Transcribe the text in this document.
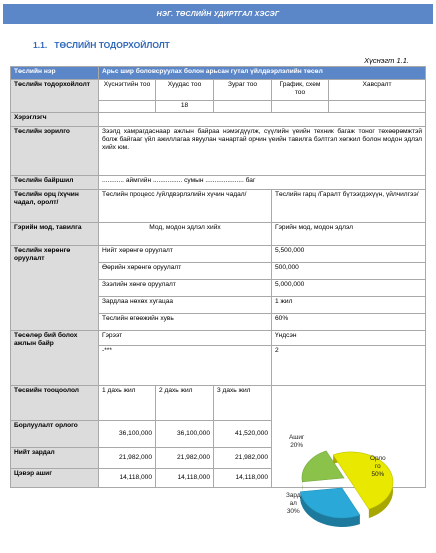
НЭГ. ТӨСЛИЙН УДИРТГАЛ ХЭСЭГ
1.1. ТӨСЛИЙН ТОДОРХОЙЛОЛТ
Хүснэгт 1.1.
Төслийн нэр	Арьс шир боловсруулах болон арьсан гутал үйлдвэрлэлийн төсөл				
Төслийн тодорхойлолт	Хүснэгтийн тоо	Хуудас тоо	Зураг тоо	График, схем тоо	Хавсралт
		18			
Хэрэглэгч					
Төслийн зорилго	Зээлд хамрагдаснаар ажлын байраа нэмэгдүүлж, сүүлийн үеийн техник багаж тоног төхөөрөмжтэй болж байгааг үйл ажиллагаа явуулан чанартай орчин үеийн тавилга бэлтгэл хөгжил болон модон эдлэл хийх юм.				
Төслийн байршил	............ аймгийн ................ сумын ..................... баг				
Төслийн орц /хүчин чадал, оролт/	Төслийн процесс /үйлдвэрлэлийн хүчин чадал/			Төслийн гарц /Гаралт бүтээгдэхүүн, үйлчилгээ/	
Гэрийн мод, тавилга	Мод, модон эдлэл хийх			Гэрийн мод, модон эдлэл	
Төслийн хөрөнгө оруулалт	Нийт хөрөнгө оруулалт			5,500,000	
	Өөрийн хөрөнгө оруулалт			500,000	
	Зээлийн хөнгө оруулалт			5,000,000	
	Зардлаа нөхөх хугацаа			1 жил	
	Төслийн өгөөжийн хувь			60%	
Төсөлөр бий болох ажлын байр	Гэрээт			Үндсэн	
	-***			2	
Төсвийн тооцоолол	1 дахь жил	2 дахь жил	3 дахь жил		
Борлуулалт орлого	36,100,000	36,100,000	41,520,000		
Нийт зардал	21,982,000	21,982,000	21,982,000		
Цэвэр ашиг	14,118,000	14,118,000	14,118,000		
Ашиг
20%
Орло
го
50%
Зард
ал
30%
